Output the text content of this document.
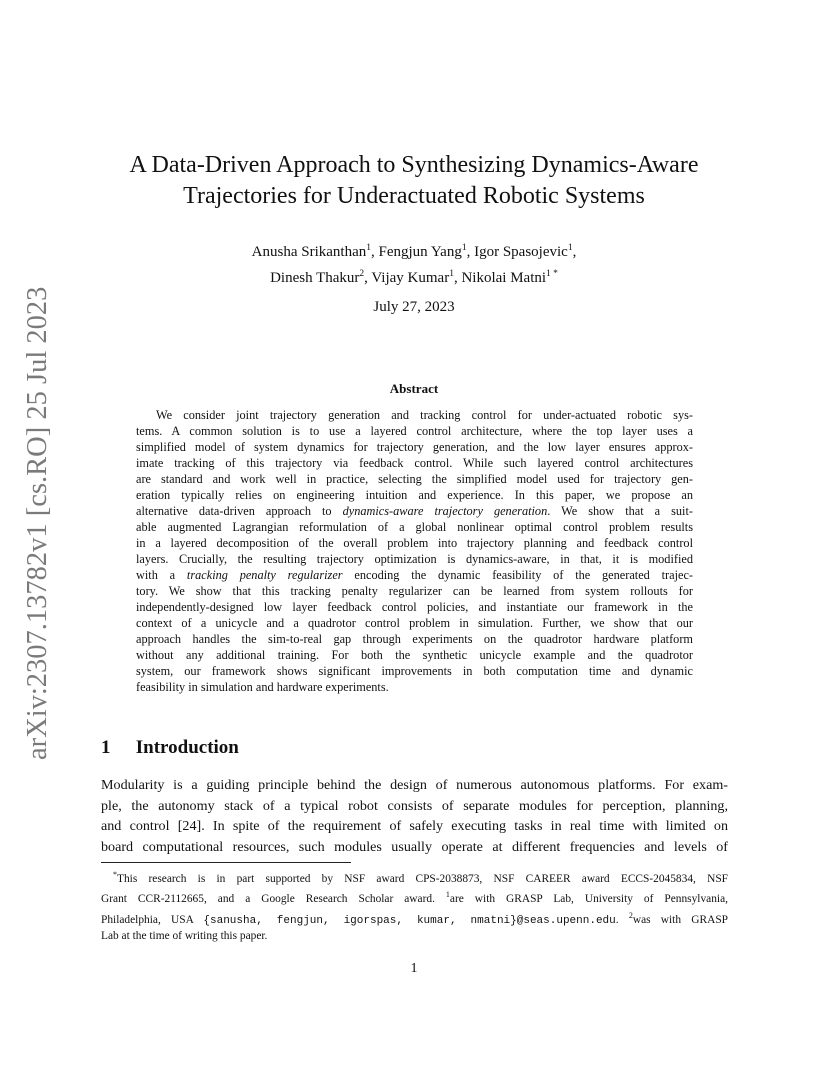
arXiv:2307.13782v1 [cs.RO] 25 Jul 2023
A Data-Driven Approach to Synthesizing Dynamics-Aware
Trajectories for Underactuated Robotic Systems
Anusha Srikanthan$^1$, Fengjun Yang$^1$, Igor Spasojevic$^1$,
Dinesh Thakur$^2$, Vijay Kumar$^1$, Nikolai Matni$^{1 *}$
July 27, 2023
Abstract
We consider joint trajectory generation and tracking control for under-actuated robotic sys-
tems. A common solution is to use a layered control architecture, where the top layer uses a
simplified model of system dynamics for trajectory generation, and the low layer ensures approx-
imate tracking of this trajectory via feedback control. While such layered control architectures
are standard and work well in practice, selecting the simplified model used for trajectory gen-
eration typically relies on engineering intuition and experience. In this paper, we propose an
alternative data-driven approach to dynamics-aware trajectory generation. We show that a suit-
able augmented Lagrangian reformulation of a global nonlinear optimal control problem results
in a layered decomposition of the overall problem into trajectory planning and feedback control
layers. Crucially, the resulting trajectory optimization is dynamics-aware, in that, it is modified
with a tracking penalty regularizer encoding the dynamic feasibility of the generated trajec-
tory. We show that this tracking penalty regularizer can be learned from system rollouts for
independently-designed low layer feedback control policies, and instantiate our framework in the
context of a unicycle and a quadrotor control problem in simulation. Further, we show that our
approach handles the sim-to-real gap through experiments on the quadrotor hardware platform
without any additional training. For both the synthetic unicycle example and the quadrotor
system, our framework shows significant improvements in both computation time and dynamic
feasibility in simulation and hardware experiments.
1 Introduction
Modularity is a guiding principle behind the design of numerous autonomous platforms. For exam-
ple, the autonomy stack of a typical robot consists of separate modules for perception, planning,
and control [24]. In spite of the requirement of safely executing tasks in real time with limited on
board computational resources, such modules usually operate at different frequencies and levels of
*This research is in part supported by NSF award CPS-2038873, NSF CAREER award ECCS-2045834, NSF
Grant CCR-2112665, and a Google Research Scholar award. $^1$are with GRASP Lab, University of Pennsylvania,
Philadelphia, USA {sanusha, fengjun, igorspas, kumar, nmatni}@seas.upenn.edu. $^2$was with GRASP
Lab at the time of writing this paper.
1
